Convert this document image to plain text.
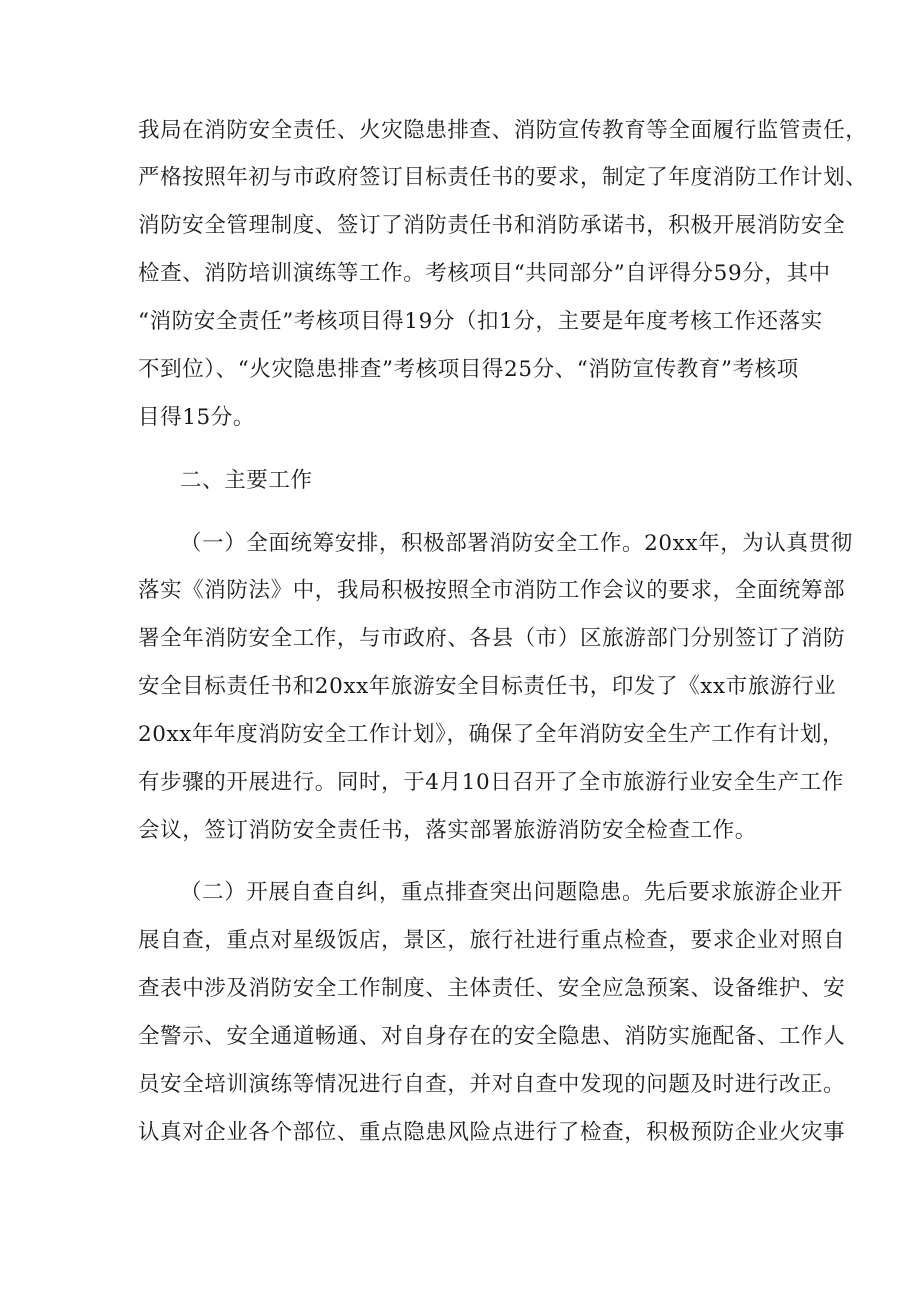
我局在消防安全责任、火灾隐患排查、消防宣传教育等全面履行监管责任，
严格按照年初与市政府签订目标责任书的要求，制定了年度消防工作计划、
消防安全管理制度、签订了消防责任书和消防承诺书，积极开展消防安全
检查、消防培训演练等工作。考核项目“共同部分”自评得分59分，其中
“消防安全责任”考核项目得19分（扣1分，主要是年度考核工作还落实
不到位）、“火灾隐患排查”考核项目得25分、“消防宣传教育”考核项
目得15分。
二、主要工作
（一）全面统筹安排，积极部署消防安全工作。20xx年，为认真贯彻
落实《消防法》中，我局积极按照全市消防工作会议的要求，全面统筹部
署全年消防安全工作，与市政府、各县（市）区旅游部门分别签订了消防
安全目标责任书和20xx年旅游安全目标责任书，印发了《xx市旅游行业
20xx年年度消防安全工作计划》，确保了全年消防安全生产工作有计划，
有步骤的开展进行。同时，于4月10日召开了全市旅游行业安全生产工作
会议，签订消防安全责任书，落实部署旅游消防安全检查工作。
（二）开展自查自纠，重点排查突出问题隐患。先后要求旅游企业开
展自查，重点对星级饭店，景区，旅行社进行重点检查，要求企业对照自
查表中涉及消防安全工作制度、主体责任、安全应急预案、设备维护、安
全警示、安全通道畅通、对自身存在的安全隐患、消防实施配备、工作人
员安全培训演练等情况进行自查，并对自查中发现的问题及时进行改正。
认真对企业各个部位、重点隐患风险点进行了检查，积极预防企业火灾事
